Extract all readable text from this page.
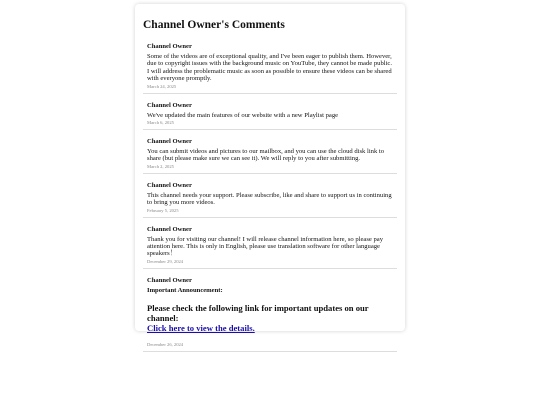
Channel Owner's Comments
Channel Owner
Some of the videos are of exceptional quality, and I've been eager to publish them. However, due to copyright issues with the background music on YouTube, they cannot be made public. I will address the problematic music as soon as possible to ensure these videos can be shared with everyone promptly.
March 24, 2025
Channel Owner
We've updated the main features of our website with a new Playlist page
March 6, 2025
Channel Owner
You can submit videos and pictures to our mailbox, and you can use the cloud disk link to share (but please make sure we can see it). We will reply to you after submitting.
March 2, 2025
Channel Owner
This channel needs your support. Please subscribe, like and share to support us in continuing to bring you more videos.
February 5, 2025
Channel Owner
Thank you for visiting our channel! I will release channel information here, so please pay attention here. This is only in English, please use translation software for other language speakers！
December 29, 2024
Channel Owner
Important Announcement:
Please check the following link for important updates on our channel:
Click here to view the details.
December 26, 2024
